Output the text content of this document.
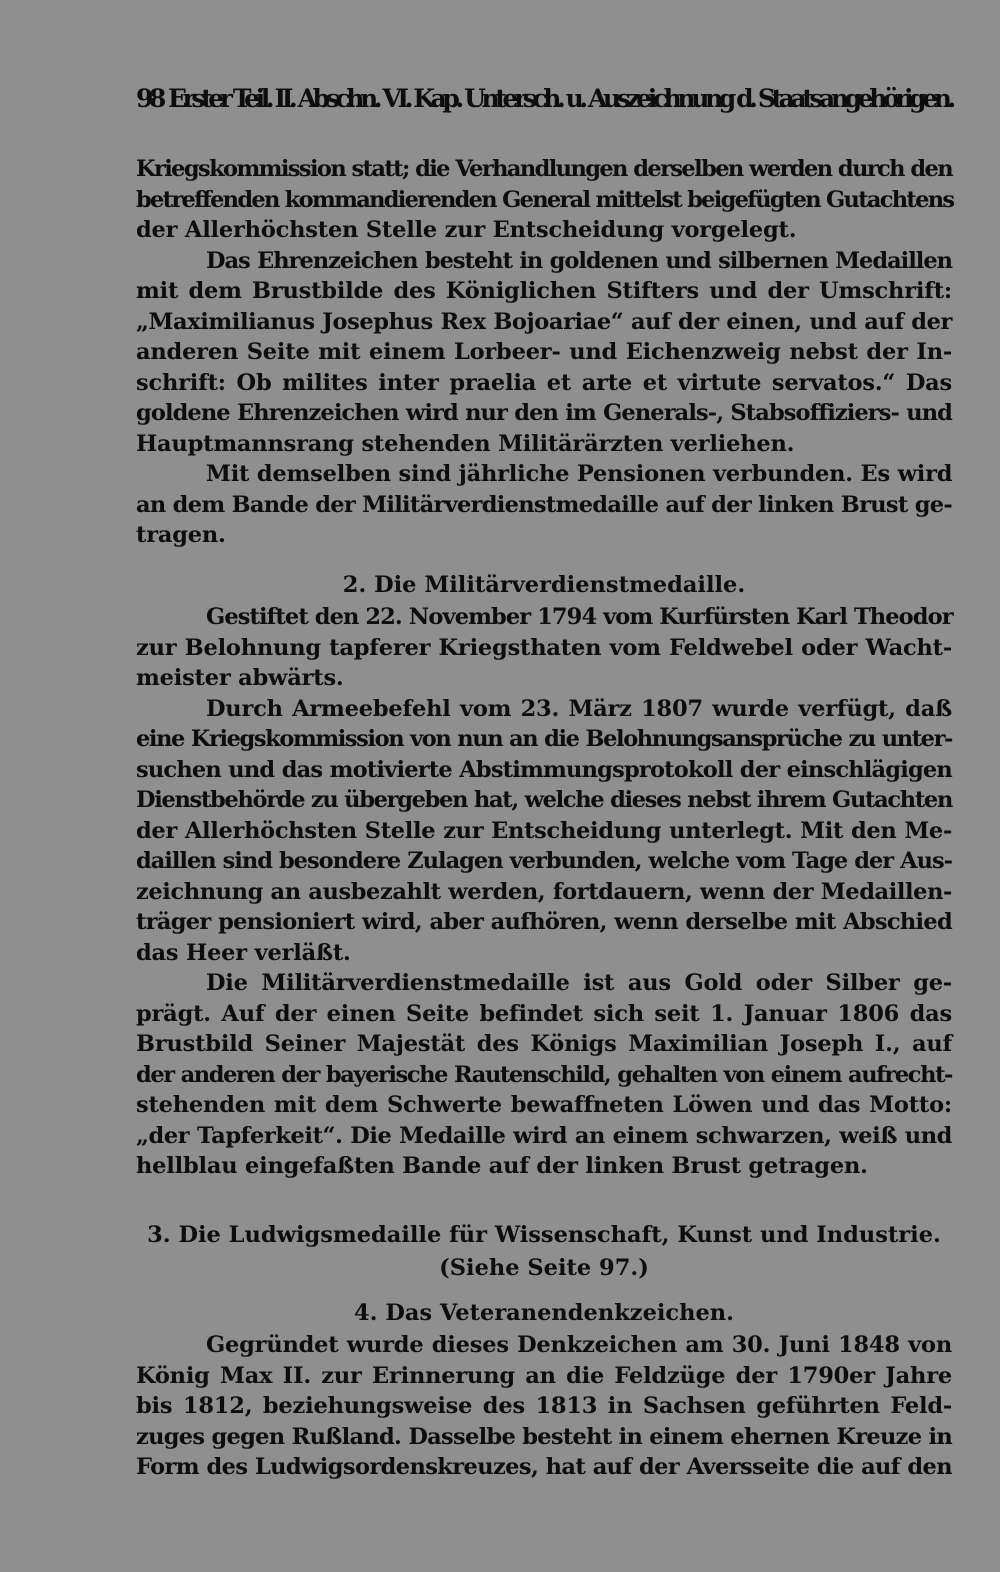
98 Erster Teil. II. Abschn. VI. Kap. Untersch. u. Auszeichnung d. Staatsangehörigen.
Kriegskommission statt; die Verhandlungen derselben werden durch den
betreffenden kommandierenden General mittelst beigefügten Gutachtens
der Allerhöchsten Stelle zur Entscheidung vorgelegt.
Das Ehrenzeichen besteht in goldenen und silbernen Medaillen
mit dem Brustbilde des Königlichen Stifters und der Umschrift:
„Maximilianus Josephus Rex Bojoariae“ auf der einen, und auf der
anderen Seite mit einem Lorbeer- und Eichenzweig nebst der In-
schrift: Ob milites inter praelia et arte et virtute servatos.“ Das
goldene Ehrenzeichen wird nur den im Generals-, Stabsoffiziers- und
Hauptmannsrang stehenden Militärärzten verliehen.
Mit demselben sind jährliche Pensionen verbunden. Es wird
an dem Bande der Militärverdienstmedaille auf der linken Brust ge-
tragen.
2. Die Militärverdienstmedaille.
Gestiftet den 22. November 1794 vom Kurfürsten Karl Theodor
zur Belohnung tapferer Kriegsthaten vom Feldwebel oder Wacht-
meister abwärts.
Durch Armeebefehl vom 23. März 1807 wurde verfügt, daß
eine Kriegskommission von nun an die Belohnungsansprüche zu unter-
suchen und das motivierte Abstimmungsprotokoll der einschlägigen
Dienstbehörde zu übergeben hat, welche dieses nebst ihrem Gutachten
der Allerhöchsten Stelle zur Entscheidung unterlegt. Mit den Me-
daillen sind besondere Zulagen verbunden, welche vom Tage der Aus-
zeichnung an ausbezahlt werden, fortdauern, wenn der Medaillen-
träger pensioniert wird, aber aufhören, wenn derselbe mit Abschied
das Heer verläßt.
Die Militärverdienstmedaille ist aus Gold oder Silber ge-
prägt. Auf der einen Seite befindet sich seit 1. Januar 1806 das
Brustbild Seiner Majestät des Königs Maximilian Joseph I., auf
der anderen der bayerische Rautenschild, gehalten von einem aufrecht-
stehenden mit dem Schwerte bewaffneten Löwen und das Motto:
„der Tapferkeit“. Die Medaille wird an einem schwarzen, weiß und
hellblau eingefaßten Bande auf der linken Brust getragen.
3. Die Ludwigsmedaille für Wissenschaft, Kunst und Industrie.
(Siehe Seite 97.)
4. Das Veteranendenkzeichen.
Gegründet wurde dieses Denkzeichen am 30. Juni 1848 von
König Max II. zur Erinnerung an die Feldzüge der 1790er Jahre
bis 1812, beziehungsweise des 1813 in Sachsen geführten Feld-
zuges gegen Rußland. Dasselbe besteht in einem ehernen Kreuze in
Form des Ludwigsordenskreuzes, hat auf der Aversseite die auf den
